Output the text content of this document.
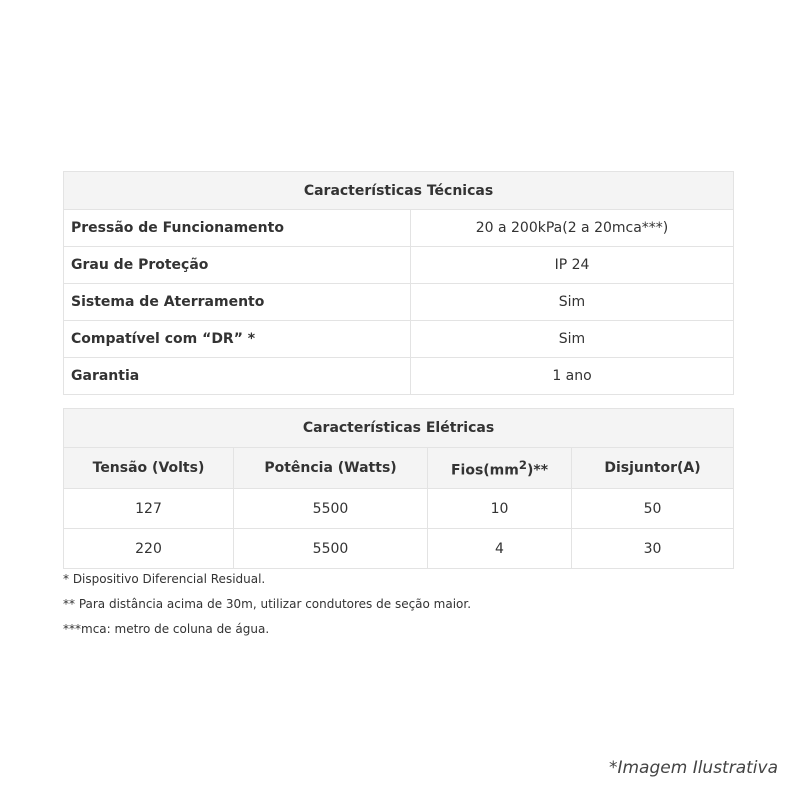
Características Técnicas	
Pressão de Funcionamento	20 a 200kPa(2 a 20mca***)
Grau de Proteção	IP 24
Sistema de Aterramento	Sim
Compatível com “DR” *	Sim
Garantia	1 ano
Características Elétricas			
Tensão (Volts)	Potência (Watts)	$Fios(mm^2)**$	Disjuntor(A)
127	5500	10	50
220	5500	4	30
* Dispositivo Diferencial Residual.
** Para distância acima de 30m, utilizar condutores de seção maior.
***mca: metro de coluna de água.
*Imagem Ilustrativa
